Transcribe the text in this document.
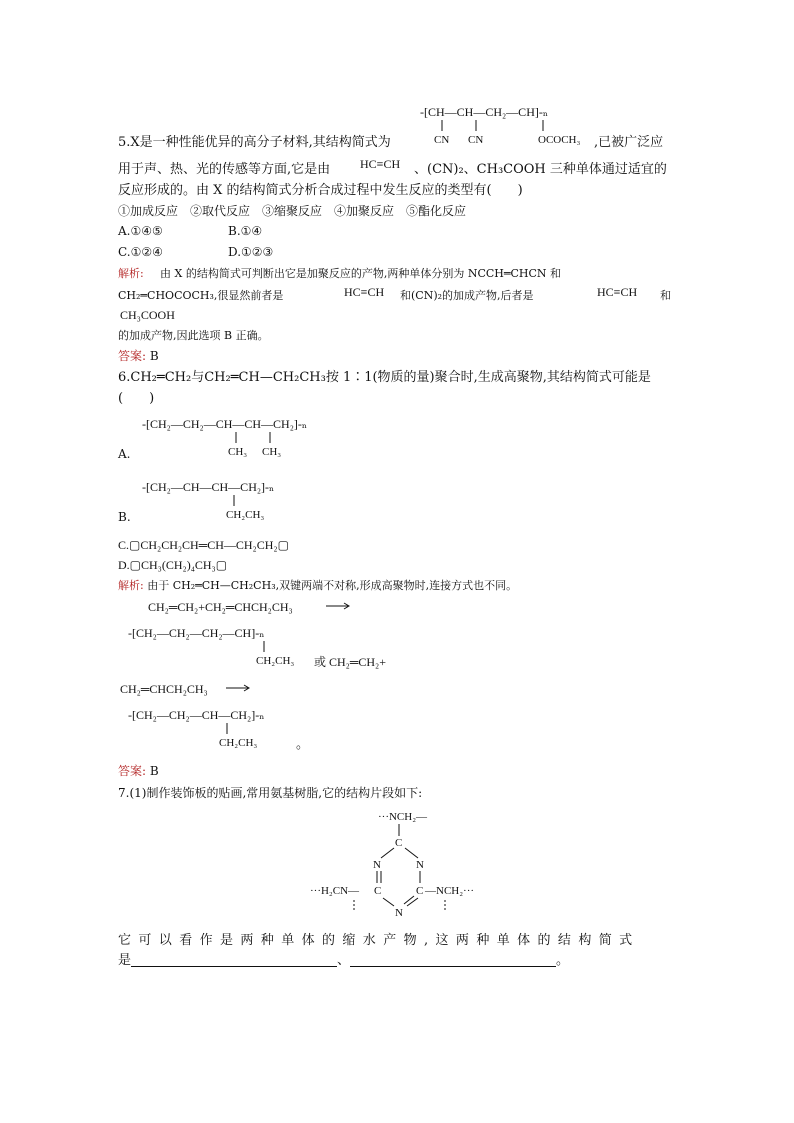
-[CH—CH—CH₂—CH]-ₙ
CN CN	OCOCH₃
5.X是一种性能优异的高分子材料,其结构简式为	,已被广泛应
用于声、热、光的传感等方面,它是由 HC≡CH 、(CN)₂、CH₃COOH 三种单体通过适宜的
反应形成的。由 X 的结构简式分析合成过程中发生反应的类型有(　　)
①加成反应　②取代反应　③缩聚反应　④加聚反应　⑤酯化反应
A.①④⑤	B.①④
C.①②④	D.①②③
解析: 由 X 的结构简式可判断出它是加聚反应的产物,两种单体分别为 NCCH═CHCN 和
CH₂═CHOCOCH₃,很显然前者是	HC≡CH 和(CN)₂的加成产物,后者是	HC≡CH 和
CH₃COOH
的加成产物,因此选项 B 正确。
答案: B
6.CH₂═CH₂与CH₂═CH—CH₂CH₃按 1∶1(物质的量)聚合时,生成高聚物,其结构简式可能是
(　　)
-[CH₂—CH₂—CH—CH—CH₂]-ₙ
CH₃ CH₃
A.
-[CH₂—CH—CH—CH₂]-ₙ
CH₂CH₃
B.
C.▢CH₂CH₂CH═CH—CH₂CH₂▢
D.▢CH₃(CH₂)₄CH₃▢
解析: 由于 CH₂═CH—CH₂CH₃,双键两端不对称,形成高聚物时,连接方式也不同。
CH₂═CH₂+CH₂═CHCH₂CH₃
-[CH₂—CH₂—CH₂—CH]-ₙ
CH₂CH₃ 或 CH₂═CH₂+
CH₂═CHCH₂CH₃
-[CH₂—CH₂—CH—CH₂]-ₙ
CH₂CH₃	。
答案: B
7.(1)制作装饰板的贴画,常用氨基树脂,它的结构片段如下:
···NCH₂—
C
N	N
···H₂CN— C	C —NCH₂···
N
它可以看作是两种单体的缩水产物,这两种单体的结构简式
是	、	。
